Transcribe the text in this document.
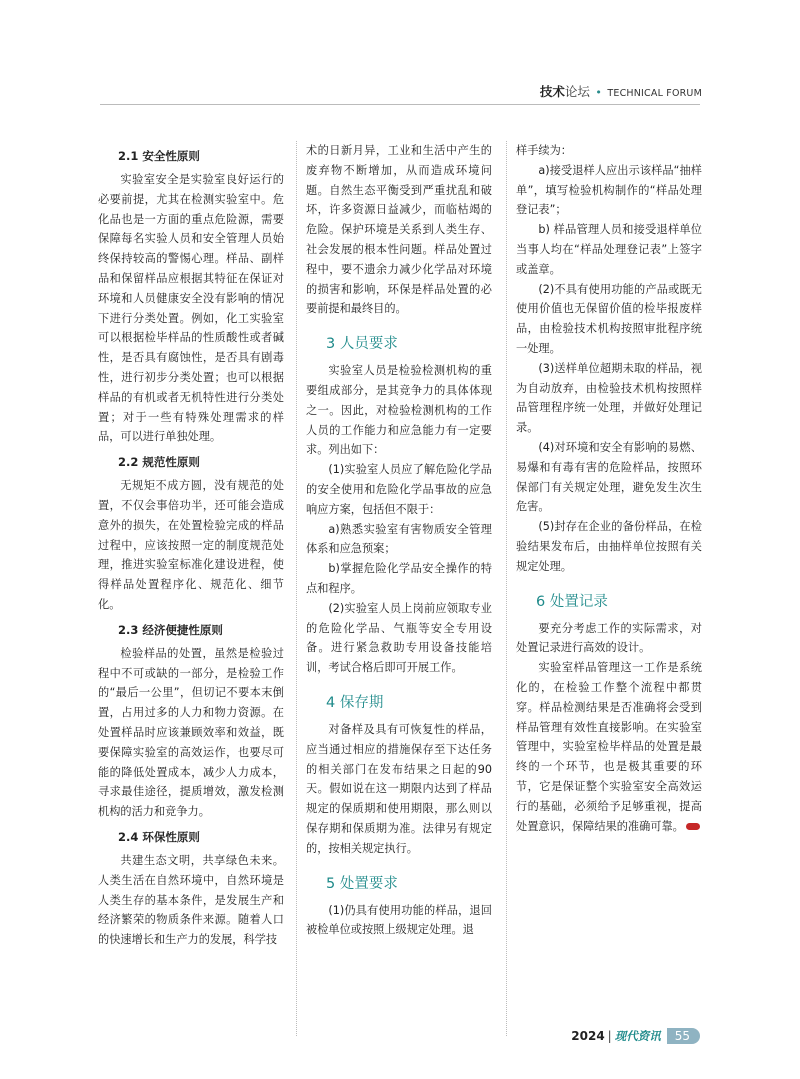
技术论坛 • TECHNICAL FORUM
2.1 安全性原则

实验室安全是实验室良好运行的必要前提，尤其在检测实验室中。危化品也是一方面的重点危险源，需要保障每名实验人员和安全管理人员始终保持较高的警惕心理。样品、副样品和保留样品应根据其特征在保证对环境和人员健康安全没有影响的情况下进行分类处置。例如，化工实验室可以根据检毕样品的性质酸性或者碱性，是否具有腐蚀性，是否具有剧毒性，进行初步分类处置；也可以根据样品的有机或者无机特性进行分类处置；对于一些有特殊处理需求的样品，可以进行单独处理。

2.2 规范性原则

无规矩不成方圆，没有规范的处置，不仅会事倍功半，还可能会造成意外的损失，在处置检验完成的样品过程中，应该按照一定的制度规范处理，推进实验室标准化建设进程，使得样品处置程序化、规范化、细节化。

2.3 经济便捷性原则

检验样品的处置，虽然是检验过程中不可或缺的一部分，是检验工作的“最后一公里”，但切记不要本末倒置，占用过多的人力和物力资源。在处置样品时应该兼顾效率和效益，既要保障实验室的高效运作，也要尽可能的降低处置成本，减少人力成本，寻求最佳途径，提质增效，激发检测机构的活力和竞争力。

2.4 环保性原则

共建生态文明，共享绿色未来。人类生活在自然环境中，自然环境是人类生存的基本条件，是发展生产和经济繁荣的物质条件来源。随着人口的快速增长和生产力的发展，科学技

术的日新月异，工业和生活中产生的废弃物不断增加，从而造成环境问题。自然生态平衡受到严重扰乱和破坏，许多资源日益减少，而临枯竭的危险。保护环境是关系到人类生存、社会发展的根本性问题。样品处置过程中，要不遗余力减少化学品对环境的损害和影响，环保是样品处置的必要前提和最终目的。

3 人员要求

实验室人员是检验检测机构的重要组成部分，是其竞争力的具体体现之一。因此，对检验检测机构的工作人员的工作能力和应急能力有一定要求。列出如下：

(1)实验室人员应了解危险化学品的安全使用和危险化学品事故的应急响应方案，包括但不限于：

a)熟悉实验室有害物质安全管理体系和应急预案；

b)掌握危险化学品安全操作的特点和程序。

(2)实验室人员上岗前应领取专业的危险化学品、气瓶等安全专用设备。进行紧急救助专用设备技能培训，考试合格后即可开展工作。

4 保存期

对备样及具有可恢复性的样品，应当通过相应的措施保存至下达任务的相关部门在发布结果之日起的90天。假如说在这一期限内达到了样品规定的保质期和使用期限，那么则以保存期和保质期为准。法律另有规定的，按相关规定执行。

5 处置要求

(1)仍具有使用功能的样品，退回被检单位或按照上级规定处理。退

样手续为：

a)接受退样人应出示该样品“抽样单”，填写检验机构制作的“样品处理登记表”；

b) 样品管理人员和接受退样单位当事人均在“样品处理登记表”上签字或盖章。

(2)不具有使用功能的产品或既无使用价值也无保留价值的检毕报废样品，由检验技术机构按照审批程序统一处理。

(3)送样单位超期未取的样品，视为自动放弃，由检验技术机构按照样品管理程序统一处理，并做好处理记录。

(4)对环境和安全有影响的易燃、易爆和有毒有害的危险样品，按照环保部门有关规定处理，避免发生次生危害。

(5)封存在企业的备份样品，在检验结果发布后，由抽样单位按照有关规定处理。

6 处置记录

要充分考虑工作的实际需求，对处置记录进行高效的设计。

实验室样品管理这一工作是系统化的，在检验工作整个流程中都贯穿。样品检测结果是否准确将会受到样品管理有效性直接影响。在实验室管理中，实验室检毕样品的处置是最终的一个环节，也是极其重要的环节，它是保证整个实验室安全高效运行的基础，必须给予足够重视，提高处置意识，保障结果的准确可靠。

2024 | 现代资讯	55
